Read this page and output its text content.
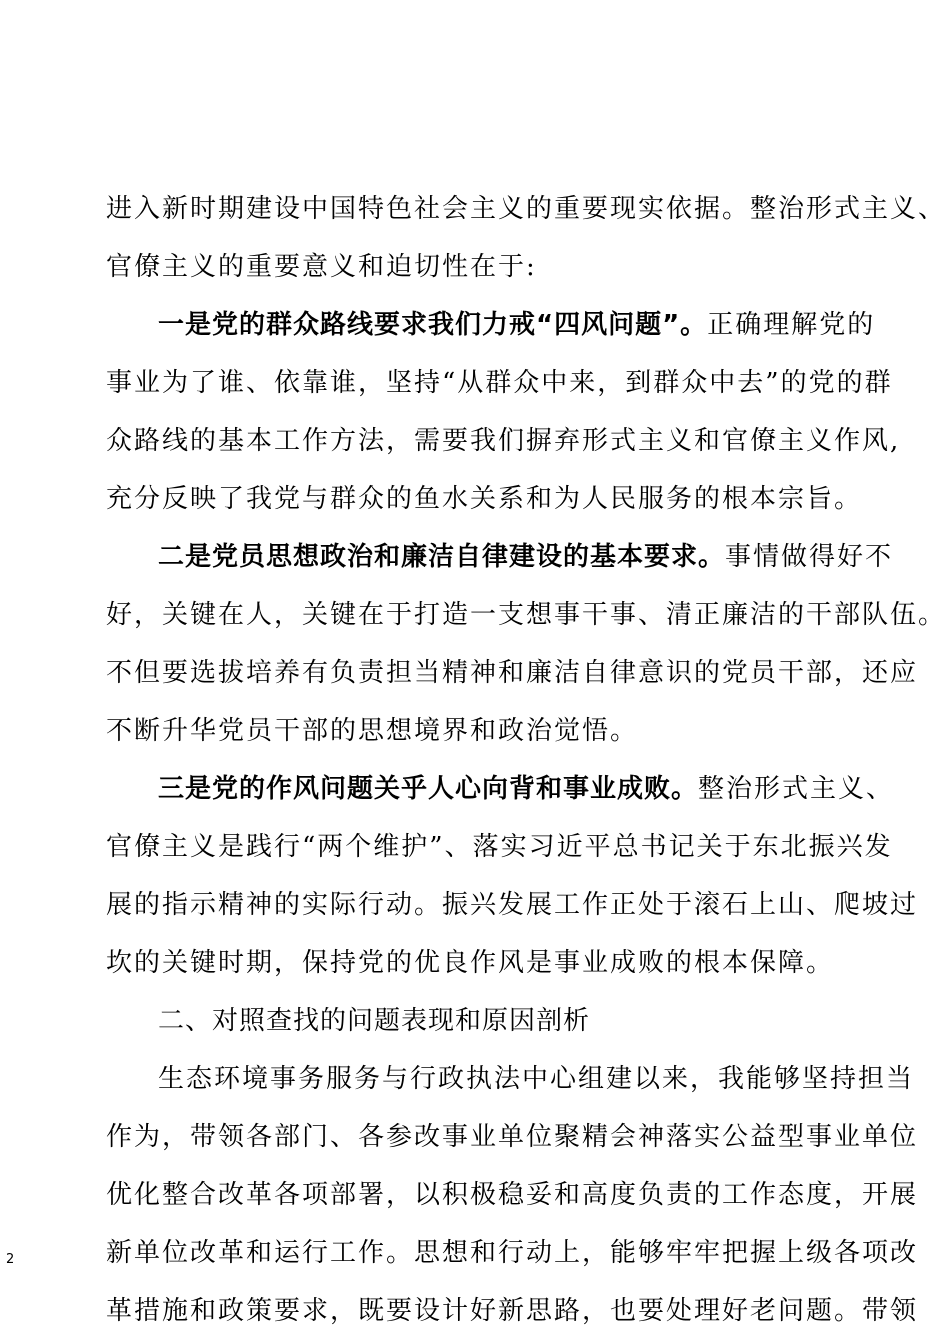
进入新时期建设中国特色社会主义的重要现实依据。整治形式主义、
官僚主义的重要意义和迫切性在于:
一是党的群众路线要求我们力戒“四风问题”。正确理解党的
事业为了谁、依靠谁，坚持“从群众中来，到群众中去”的党的群
众路线的基本工作方法，需要我们摒弃形式主义和官僚主义作风,
充分反映了我党与群众的鱼水关系和为人民服务的根本宗旨。
二是党员思想政治和廉洁自律建设的基本要求。事情做得好不
好，关键在人，关键在于打造一支想事干事、清正廉洁的干部队伍。
不但要选拔培养有负责担当精神和廉洁自律意识的党员干部，还应
不断升华党员干部的思想境界和政治觉悟。
三是党的作风问题关乎人心向背和事业成败。整治形式主义、
官僚主义是践行“两个维护”、落实习近平总书记关于东北振兴发
展的指示精神的实际行动。振兴发展工作正处于滚石上山、爬坡过
坎的关键时期，保持党的优良作风是事业成败的根本保障。
二、对照查找的问题表现和原因剖析
生态环境事务服务与行政执法中心组建以来，我能够坚持担当
作为，带领各部门、各参改事业单位聚精会神落实公益型事业单位
优化整合改革各项部署，以积极稳妥和高度负责的工作态度，开展
新单位改革和运行工作。思想和行动上，能够牢牢把握上级各项改
革措施和政策要求，既要设计好新思路，也要处理好老问题。带领
2
